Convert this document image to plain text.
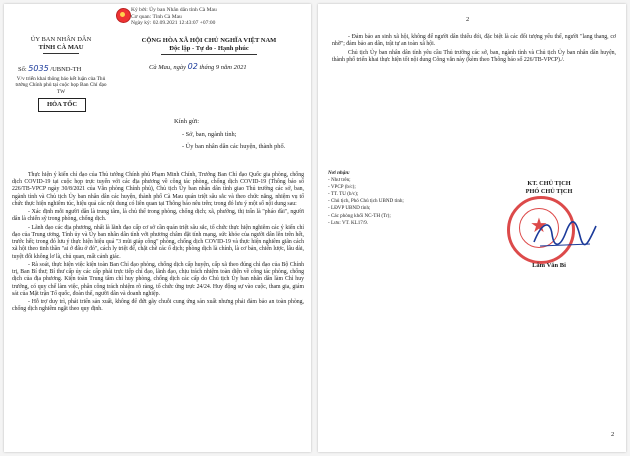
Ký bởi: Ủy ban Nhân dân tỉnh Cà Mau
Cơ quan: Tỉnh Cà Mau
Ngày ký: 02.09.2021 12:43:07 +07:00
ỦY BAN NHÂN DÂN
TỈNH CÀ MAU
CỘNG HÒA XÃ HỘI CHỦ NGHĨA VIỆT NAM
Độc lập - Tự do - Hạnh phúc
Số: 5035 /UBND-TH	Cà Mau, ngày 02 tháng 9 năm 2021
V/v triển khai thông báo kết luận của Thủ tướng Chính phủ tại cuộc họp Ban Chỉ đạo TW
HỎA TỐC
Kính gửi:
- Sở, ban, ngành tỉnh;
- Ủy ban nhân dân các huyện, thành phố.

Thực hiện ý kiến chỉ đạo của Thủ tướng Chính phủ Phạm Minh Chính, Trưởng Ban Chỉ đạo Quốc gia phòng, chống dịch COVID-19 tại cuộc họp trực tuyến với các địa phương về công tác phòng, chống dịch COVID-19 (Thông báo số 226/TB-VPCP ngày 30/8/2021 của Văn phòng Chính phủ), Chủ tịch Ủy ban nhân dân tỉnh giao Thủ trưởng các sở, ban, ngành tỉnh và Chủ tịch Ủy ban nhân dân các huyện, thành phố Cà Mau quán triệt sâu sắc và theo chức năng, nhiệm vụ tổ chức thực hiện nghiêm túc, hiệu quả các nội dung có liên quan tại Thông báo nêu trên; trong đó lưu ý một số nội dung sau:

- Xác định mỗi người dân là trung tâm, là chủ thể trong phòng, chống dịch; xã, phường, thị trấn là "pháo đài", người dân là chiến sỹ trong phòng, chống dịch.

- Lãnh đạo các địa phương, nhất là lãnh đạo cấp cơ sở cần quán triệt sâu sắc, tổ chức thực hiện nghiêm các ý kiến chỉ đạo của Trung ương, Tỉnh ủy và Ủy ban nhân dân tỉnh với phương châm đặt tính mạng, sức khỏe của người dân lên trên hết, trước hết; trong đó lưu ý thực hiện hiệu quả "3 mũi giáp công" phòng, chống dịch COVID-19 và thực hiện nghiêm giãn cách xã hội theo tinh thần "ai ở đâu ở đó", cách ly triệt để, chặt chẽ các ổ dịch; phòng dịch là chính, là cơ bản, chiến lược, lâu dài, tuyệt đối không lơ là, chủ quan, mất cảnh giác.

- Rà soát, thực hiện việc kiện toàn Ban Chỉ đạo phòng, chống dịch cấp huyện, cấp xã theo đúng chỉ đạo của Bộ Chính trị, Ban Bí thư; Bí thư cấp ủy các cấp phải trực tiếp chỉ đạo, lãnh đạo, chịu trách nhiệm toàn diện về công tác phòng, chống dịch của địa phương. Kiện toàn Trung tâm chỉ huy phòng, chống dịch các cấp do Chủ tịch Ủy ban nhân dân làm Chỉ huy trưởng, có quy chế làm việc, phân công trách nhiệm rõ ràng, tổ chức ứng trực 24/24. Huy động sự vào cuộc, tham gia, giám sát của Mặt trận Tổ quốc, đoàn thể, người dân và doanh nghiệp.

- Hỗ trợ duy trì, phát triển sản xuất, không để đứt gãy chuỗi cung ứng sản xuất nhưng phải đảm bảo an toàn phòng, chống dịch nghiêm ngặt theo quy định.

2

- Đảm bảo an sinh xã hội, không để người dân thiếu đói, đặc biệt là các đối tượng yếu thế, người "lang thang, cơ nhỡ"; đảm bảo an dân, trật tự an toàn xã hội.

Chủ tịch Ủy ban nhân dân tỉnh yêu cầu Thủ trưởng các sở, ban, ngành tỉnh và Chủ tịch Ủy ban nhân dân huyện, thành phố triển khai thực hiện tốt nội dung Công văn này (kèm theo Thông báo số 226/TB-VPCP)./.

Nơi nhận:
- Như trên;
- VPCP (b/c);
- TT. TU (b/c);
- Chủ tịch, Phó Chủ tịch UBND tỉnh;
- LĐVP UBND tỉnh;
- Các phòng khối NC-TH (Tr);
- Lưu: VT. KL17/9.
KT. CHỦ TỊCH
PHÓ CHỦ TỊCH
★
Lâm Văn Bi
2
